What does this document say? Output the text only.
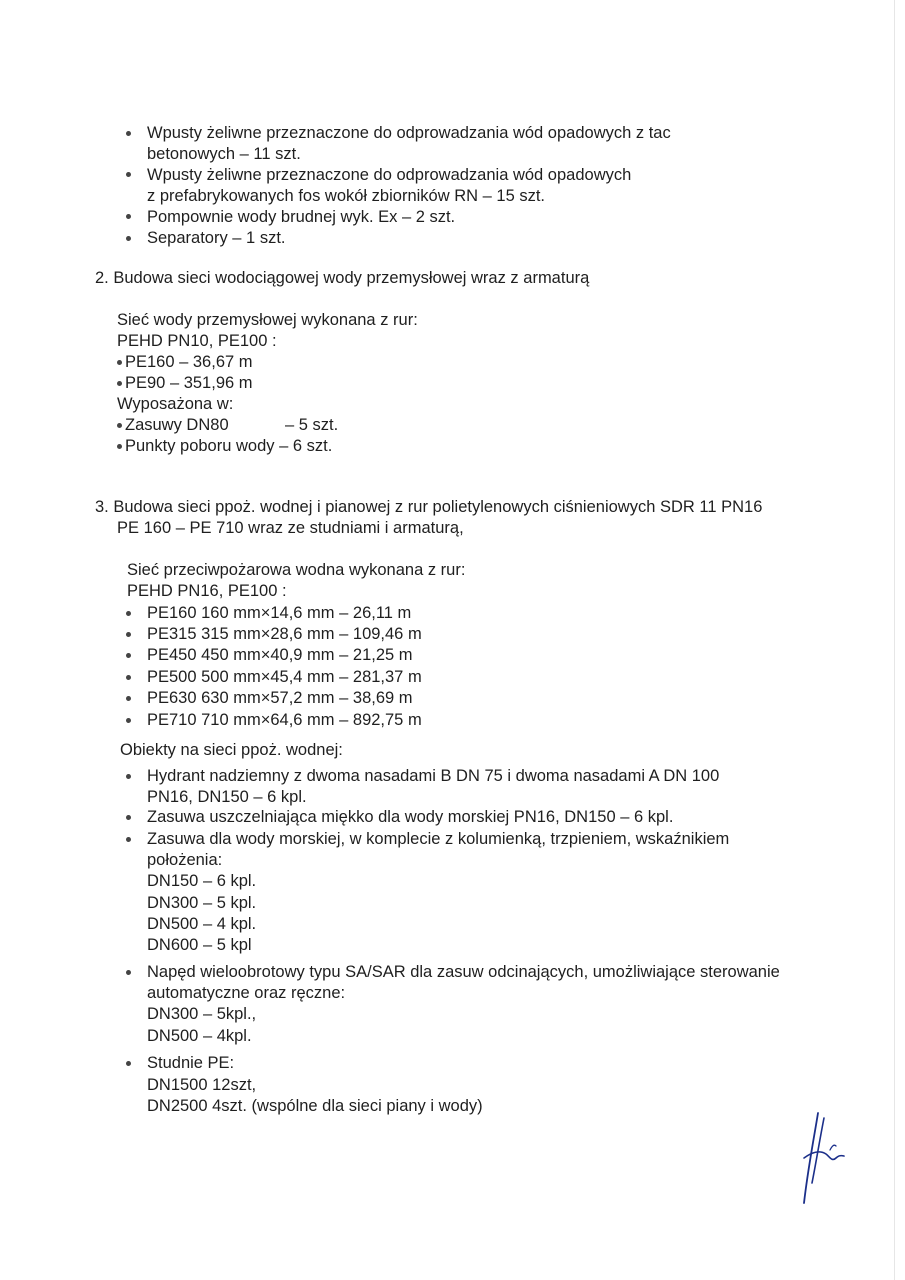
Wpusty żeliwne przeznaczone do odprowadzania wód opadowych z tac
betonowych – 11 szt.
Wpusty żeliwne przeznaczone do odprowadzania wód opadowych
z prefabrykowanych fos wokół zbiorników RN – 15 szt.
Pompownie wody brudnej wyk. Ex – 2 szt.
Separatory – 1 szt.
2. Budowa sieci wodociągowej wody przemysłowej wraz z armaturą
Sieć wody przemysłowej wykonana z rur:
PEHD PN10, PE100 :
PE160 – 36,67 m
PE90 – 351,96 m
Wyposażona w:
Zasuwy DN80	– 5 szt.
Punkty poboru wody – 6 szt.
3. Budowa sieci ppoż. wodnej i pianowej z rur polietylenowych ciśnieniowych SDR 11 PN16
PE 160 – PE 710 wraz ze studniami i armaturą,
Sieć przeciwpożarowa wodna wykonana z rur:
PEHD PN16, PE100 :
PE160 160 mm×14,6 mm – 26,11 m
PE315 315 mm×28,6 mm – 109,46 m
PE450 450 mm×40,9 mm – 21,25 m
PE500 500 mm×45,4 mm – 281,37 m
PE630 630 mm×57,2 mm – 38,69 m
PE710 710 mm×64,6 mm – 892,75 m
Obiekty na sieci ppoż. wodnej:
Hydrant nadziemny z dwoma nasadami B DN 75 i dwoma nasadami A DN 100
PN16, DN150 – 6 kpl.
Zasuwa uszczelniająca miękko dla wody morskiej PN16, DN150 – 6 kpl.
Zasuwa dla wody morskiej, w komplecie z kolumienką, trzpieniem, wskaźnikiem
położenia:
DN150 – 6 kpl.
DN300 – 5 kpl.
DN500 – 4 kpl.
DN600 – 5 kpl
Napęd wieloobrotowy typu SA/SAR dla zasuw odcinających, umożliwiające sterowanie
automatyczne oraz ręczne:
DN300 – 5kpl.,
DN500 – 4kpl.
Studnie PE:
DN1500 12szt,
DN2500 4szt. (wspólne dla sieci piany i wody)
